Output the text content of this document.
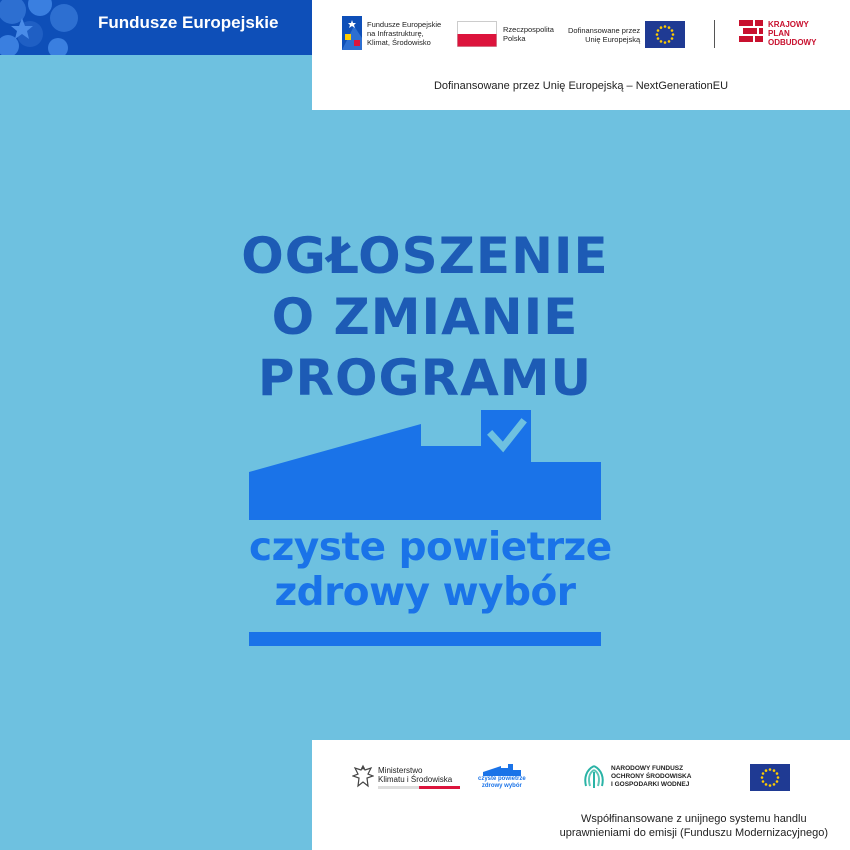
Fundusze Europejskie	Fundusze Europejskie
na Infrastrukturę,
Klimat, Środowisko
Rzeczpospolita
Polska
Dofinansowane przez
Unię Europejską
KRAJOWY
PLAN
ODBUDOWY
Dofinansowane przez Unię Europejską – NextGenerationEU
OGŁOSZENIE
O ZMIANIE
PROGRAMU
czyste powietrze
zdrowy wybór
Ministerstwo
Klimatu i Środowiska	czyste powietrze
zdrowy wybór
NARODOWY FUNDUSZ
OCHRONY ŚRODOWISKA
I GOSPODARKI WODNEJ
Współfinansowane z unijnego systemu handlu
uprawnieniami do emisji (Funduszu Modernizacyjnego)
